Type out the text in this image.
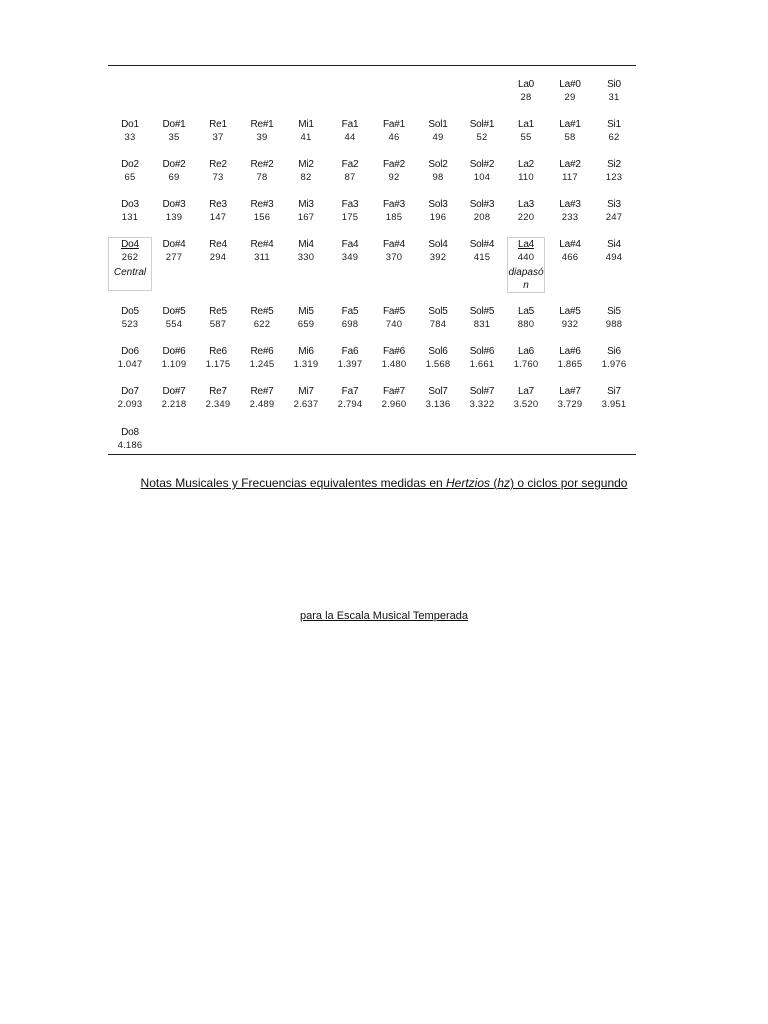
La0
28
La#0
29
Si0
31
Do1
33
Do#1
35
Re1
37
Re#1
39
Mi1
41
Fa1
44
Fa#1
46
Sol1
49
Sol#1
52
La1
55
La#1
58
Si1
62
Do2
65
Do#2
69
Re2
73
Re#2
78
Mi2
82
Fa2
87
Fa#2
92
Sol2
98
Sol#2
104
La2
110
La#2
117
Si2
123
Do3
131
Do#3
139
Re3
147
Re#3
156
Mi3
167
Fa3
175
Fa#3
185
Sol3
196
Sol#3
208
La3
220
La#3
233
Si3
247
Do4
262
Central
Do#4
277
Re4
294
Re#4
311
Mi4
330
Fa4
349
Fa#4
370
Sol4
392
Sol#4
415
La4
440
diapasó n
La#4
466
Si4
494
Do5
523
Do#5
554
Re5
587
Re#5
622
Mi5
659
Fa5
698
Fa#5
740
Sol5
784
Sol#5
831
La5
880
La#5
932
Si5
988
Do6
1.047
Do#6
1.109
Re6
1.175
Re#6
1.245
Mi6
1.319
Fa6
1.397
Fa#6
1.480
Sol6
1.568
Sol#6
1.661
La6
1.760
La#6
1.865
Si6
1.976
Do7
2.093
Do#7
2.218
Re7
2.349
Re#7
2.489
Mi7
2.637
Fa7
2.794
Fa#7
2.960
Sol7
3.136
Sol#7
3.322
La7
3.520
La#7
3.729
Si7
3.951
Do8
4.186
Notas Musicales y Frecuencias equivalentes medidas en Hertzios (hz) o ciclos por segundo
para la Escala Musical Temperada
